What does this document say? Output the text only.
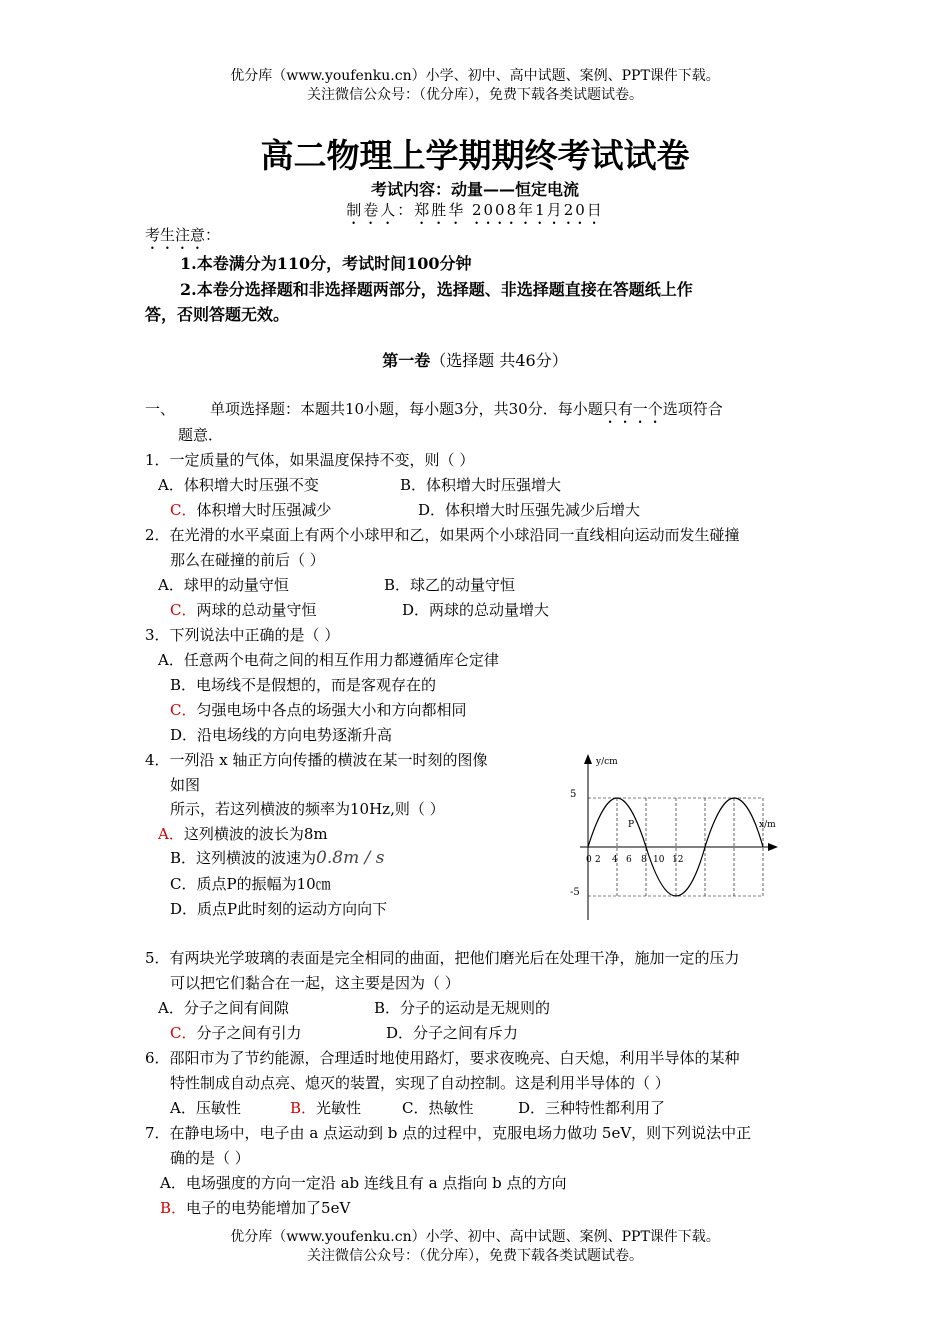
优分库（www.youfenku.cn）小学、初中、高中试题、案例、PPT课件下载。
关注微信公众号：（优分库），免费下载各类试题试卷。
高二物理上学期期终考试试卷
考试内容：动量——恒定电流
制卷人：郑胜华 2008年1月20日
考生注意：
1.本卷满分为110分，考试时间100分钟
2.本卷分选择题和非选择题两部分，选择题、非选择题直接在答题纸上作
答，否则答题无效。
第一卷（选择题 共46分）
一、 单项选择题：本题共10小题，每小题3分，共30分．每小题只有一个选项符合
题意．
1．一定质量的气体，如果温度保持不变，则（ ）
A．体积增大时压强不变	B．体积增大时压强增大
C．体积增大时压强减少	D．体积增大时压强先减少后增大
2．在光滑的水平桌面上有两个小球甲和乙，如果两个小球沿同一直线相向运动而发生碰撞
那么在碰撞的前后（ ）
A．球甲的动量守恒	B．球乙的动量守恒
C．两球的总动量守恒	D．两球的总动量增大
3．下列说法中正确的是（ ）
A．任意两个电荷之间的相互作用力都遵循库仑定律
B．电场线不是假想的，而是客观存在的
C．匀强电场中各点的场强大小和方向都相同
D．沿电场线的方向电势逐渐升高
4．一列沿 x 轴正方向传播的横波在某一时刻的图像
如图
所示，若这列横波的频率为10Hz,则（ ）
A．这列横波的波长为8m
B．这列横波的波速为0.8m / s
C．质点P的振幅为10㎝
D．质点P此时刻的运动方向向下
y/cm
x/m
5
-5
P
0 2 4 6 8 10 12
5．有两块光学玻璃的表面是完全相同的曲面，把他们磨光后在处理干净，施加一定的压力
可以把它们黏合在一起，这主要是因为（ ）
A．分子之间有间隙	B．分子的运动是无规则的
C．分子之间有引力	D．分子之间有斥力
6．邵阳市为了节约能源，合理适时地使用路灯，要求夜晚亮、白天熄，利用半导体的某种
特性制成自动点亮、熄灭的装置，实现了自动控制。这是利用半导体的（ ）
A．压敏性	B．光敏性	C．热敏性	D．三种特性都利用了
7．在静电场中，电子由 a 点运动到 b 点的过程中，克服电场力做功 5eV，则下列说法中正
确的是（ ）
A．电场强度的方向一定沿 ab 连线且有 a 点指向 b 点的方向
B．电子的电势能增加了5eV
优分库（www.youfenku.cn）小学、初中、高中试题、案例、PPT课件下载。
关注微信公众号：（优分库），免费下载各类试题试卷。
